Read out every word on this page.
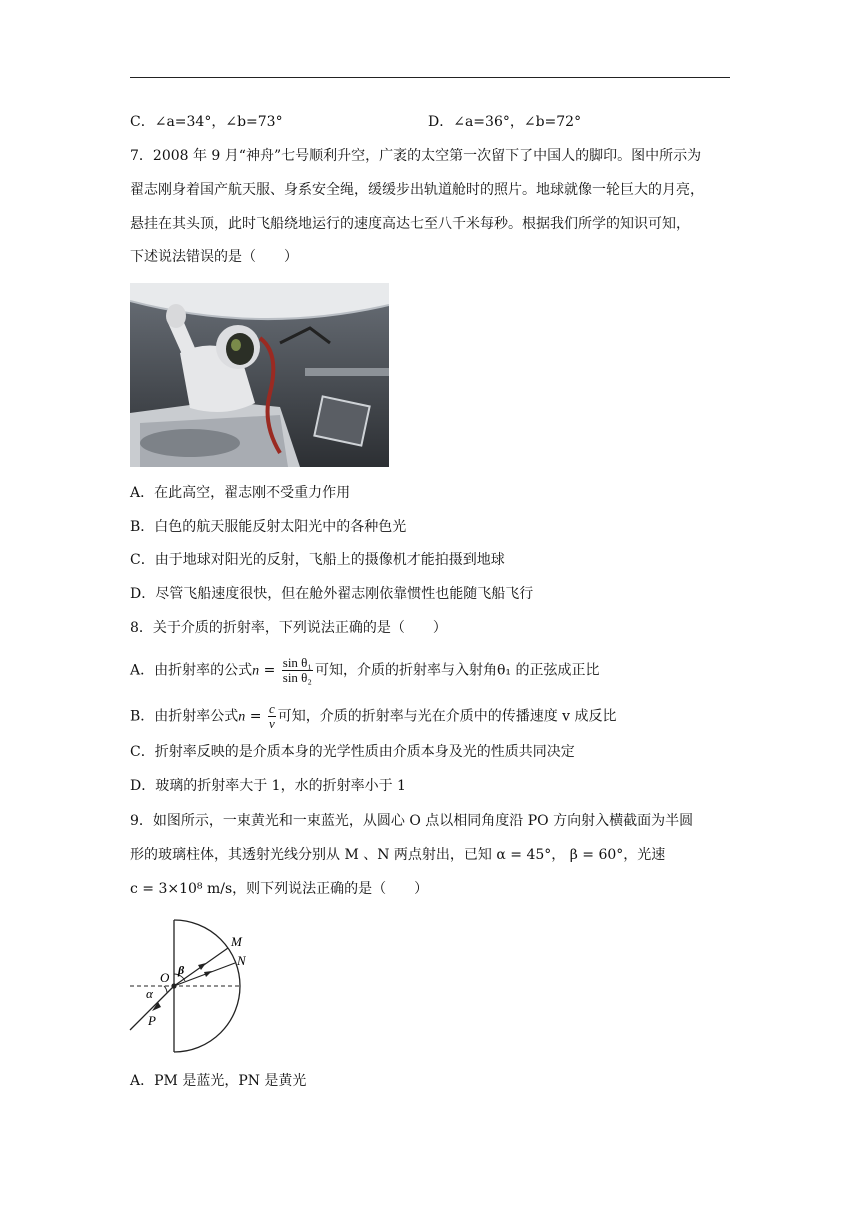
C．∠a=34°，∠b=73°	D．∠a=36°，∠b=72°
7．2008 年 9 月“神舟”七号顺利升空，广袤的太空第一次留下了中国人的脚印。图中所示为
翟志刚身着国产航天服、身系安全绳，缓缓步出轨道舱时的照片。地球就像一轮巨大的月亮，
悬挂在其头顶，此时飞船绕地运行的速度高达七至八千米每秒。根据我们所学的知识可知，
下述说法错误的是（　　）
A．在此高空，翟志刚不受重力作用
B．白色的航天服能反射太阳光中的各种色光
C．由于地球对阳光的反射，飞船上的摄像机才能拍摄到地球
D．尽管飞船速度很快，但在舱外翟志刚依靠惯性也能随飞船飞行
8．关于介质的折射率，下列说法正确的是（　　）
A．由折射率的公式$n = \frac{\text{sin θ₁}}{\text{sin θ₂}}$ 可知，介质的折射率与入射角θ₁ 的正弦成正比
B．由折射率公式$n = \frac{c}{v}$ 可知，介质的折射率与光在介质中的传播速度 v 成反比
C．折射率反映的是介质本身的光学性质由介质本身及光的性质共同决定
D．玻璃的折射率大于 1，水的折射率小于 1
9．如图所示，一束黄光和一束蓝光，从圆心 O 点以相同角度沿 PO 方向射入横截面为半圆
形的玻璃柱体，其透射光线分别从 M 、N 两点射出，已知 α = 45°， β = 60°，光速
c = 3×10⁸ m/s，则下列说法正确的是（　　）
M
N
O β
α
P
A．PM 是蓝光，PN 是黄光
